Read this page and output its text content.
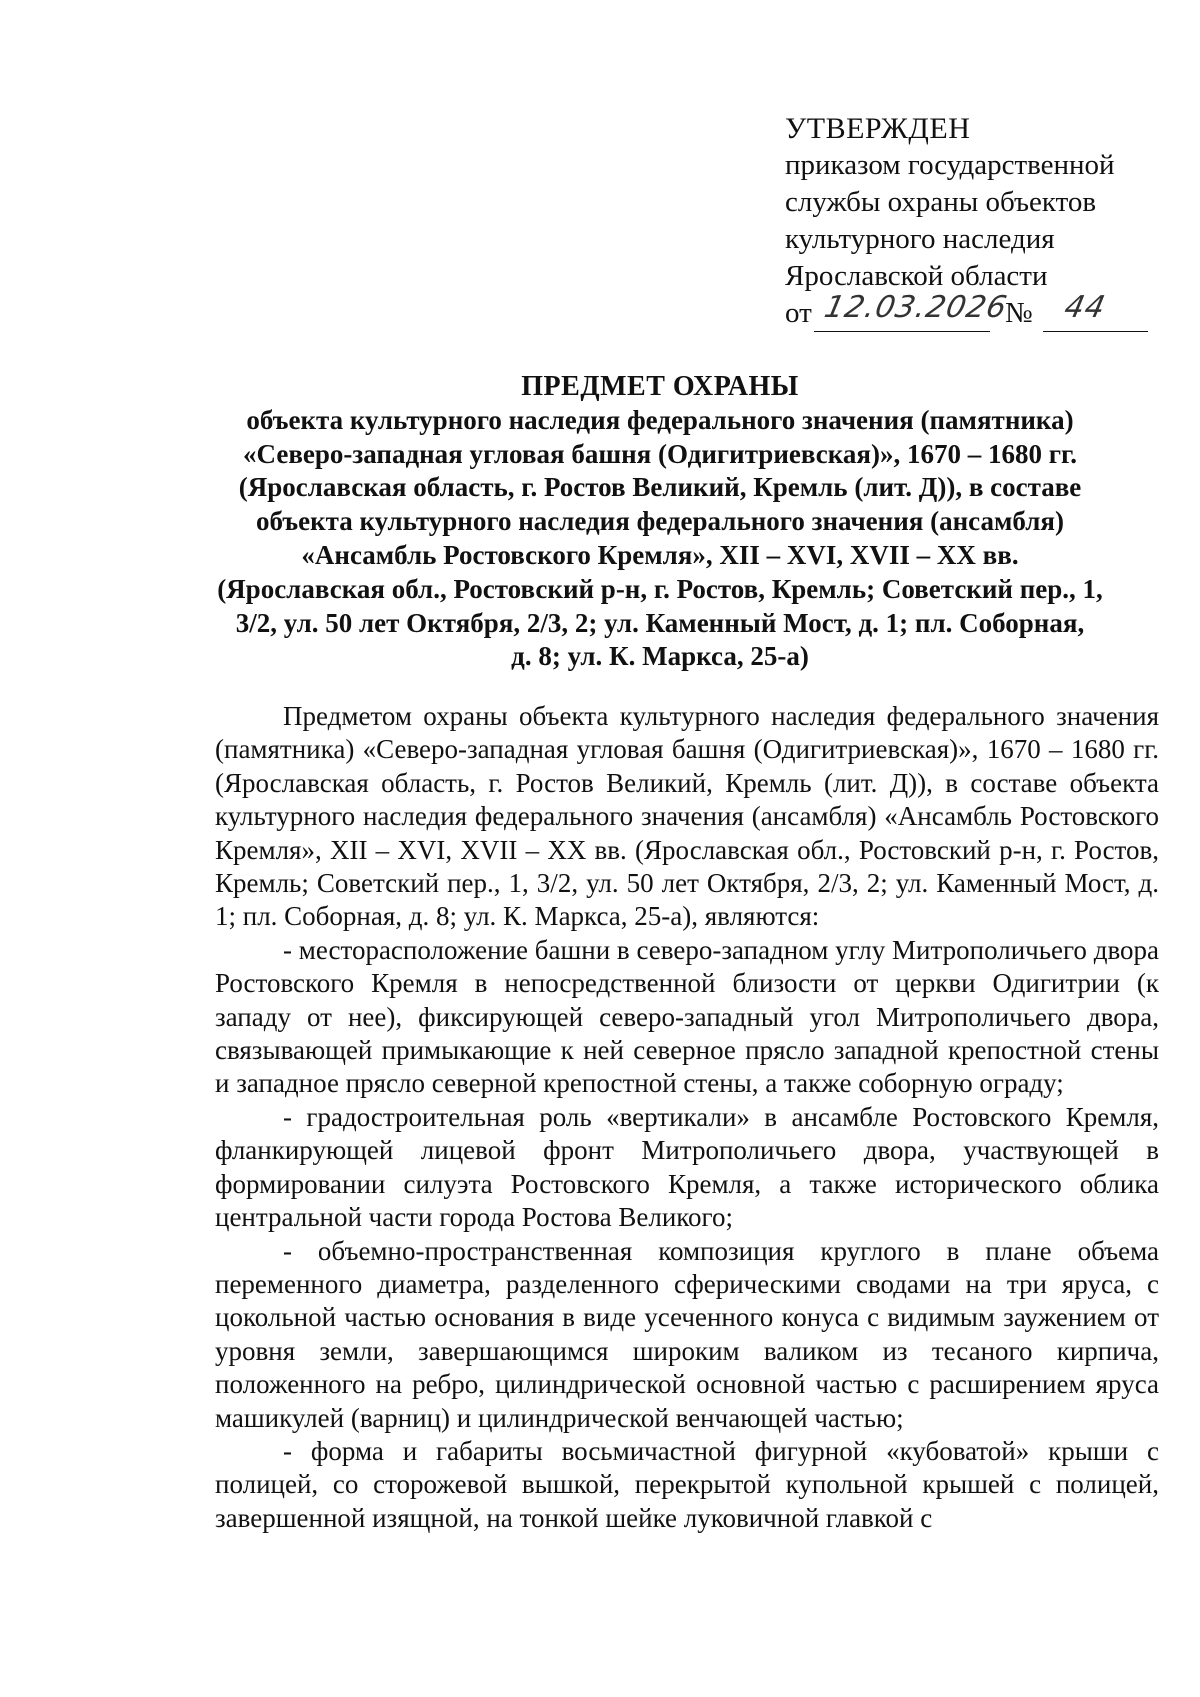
УТВЕРЖДЕН
приказом государственной
службы охраны объектов
культурного наследия
Ярославской области
от 12.03.2026
№ 44
ПРЕДМЕТ ОХРАНЫ
объекта культурного наследия федерального значения (памятника)
«Северо-западная угловая башня (Одигитриевская)», 1670 – 1680 гг.
(Ярославская область, г. Ростов Великий, Кремль (лит. Д)), в составе
объекта культурного наследия федерального значения (ансамбля)
«Ансамбль Ростовского Кремля», XII – XVI, XVII – XX вв.
(Ярославская обл., Ростовский р-н, г. Ростов, Кремль; Советский пер., 1,
3/2, ул. 50 лет Октября, 2/3, 2; ул. Каменный Мост, д. 1; пл. Соборная,
д. 8; ул. К. Маркса, 25-а)

Предметом охраны объекта культурного наследия федерального значения (памятника) «Северо-западная угловая башня (Одигитриевская)», 1670 – 1680 гг. (Ярославская область, г. Ростов Великий, Кремль (лит. Д)), в составе объекта культурного наследия федерального значения (ансамбля) «Ансамбль Ростовского Кремля», XII – XVI, XVII – XX вв. (Ярославская обл., Ростовский р-н, г. Ростов, Кремль; Советский пер., 1, 3/2, ул. 50 лет Октября, 2/3, 2; ул. Каменный Мост, д. 1; пл. Соборная, д. 8; ул. К. Маркса, 25-а), являются:

- месторасположение башни в северо-западном углу Митрополичьего двора Ростовского Кремля в непосредственной близости от церкви Одигитрии (к западу от нее), фиксирующей северо-западный угол Митрополичьего двора, связывающей примыкающие к ней северное прясло западной крепостной стены и западное прясло северной крепостной стены, а также соборную ограду;

- градостроительная роль «вертикали» в ансамбле Ростовского Кремля, фланкирующей лицевой фронт Митрополичьего двора, участвующей в формировании силуэта Ростовского Кремля, а также исторического облика центральной части города Ростова Великого;

- объемно-пространственная композиция круглого в плане объема переменного диаметра, разделенного сферическими сводами на три яруса, с цокольной частью основания в виде усеченного конуса с видимым заужением от уровня земли, завершающимся широким валиком из тесаного кирпича, положенного на ребро, цилиндрической основной частью с расширением яруса машикулей (варниц) и цилиндрической венчающей частью;

- форма и габариты восьмичастной фигурной «кубоватой» крыши с полицей, со сторожевой вышкой, перекрытой купольной крышей с полицей, завершенной изящной, на тонкой шейке луковичной главкой с
